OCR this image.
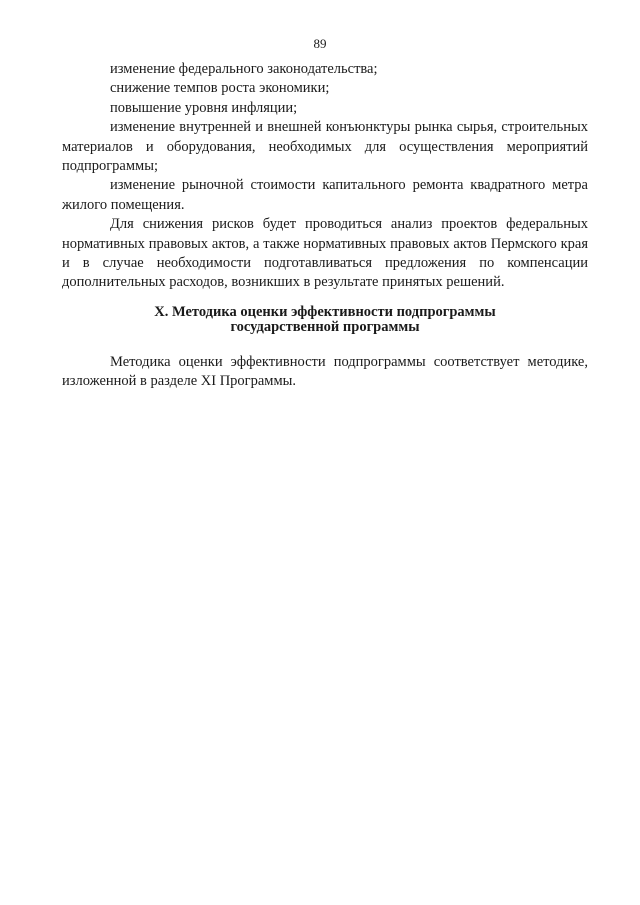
89

изменение федерального законодательства;

снижение темпов роста экономики;

повышение уровня инфляции;

изменение внутренней и внешней конъюнктуры рынка сырья, строительных материалов и оборудования, необходимых для осуществления мероприятий подпрограммы;

изменение рыночной стоимости капитального ремонта квадратного метра жилого помещения.

Для снижения рисков будет проводиться анализ проектов федеральных нормативных правовых актов, а также нормативных правовых актов Пермского края и в случае необходимости подготавливаться предложения по компенсации дополнительных расходов, возникших в результате принятых решений.

X. Методика оценки эффективности подпрограммы
государственной программы

Методика оценки эффективности подпрограммы соответствует методике, изложенной в разделе XI Программы.
